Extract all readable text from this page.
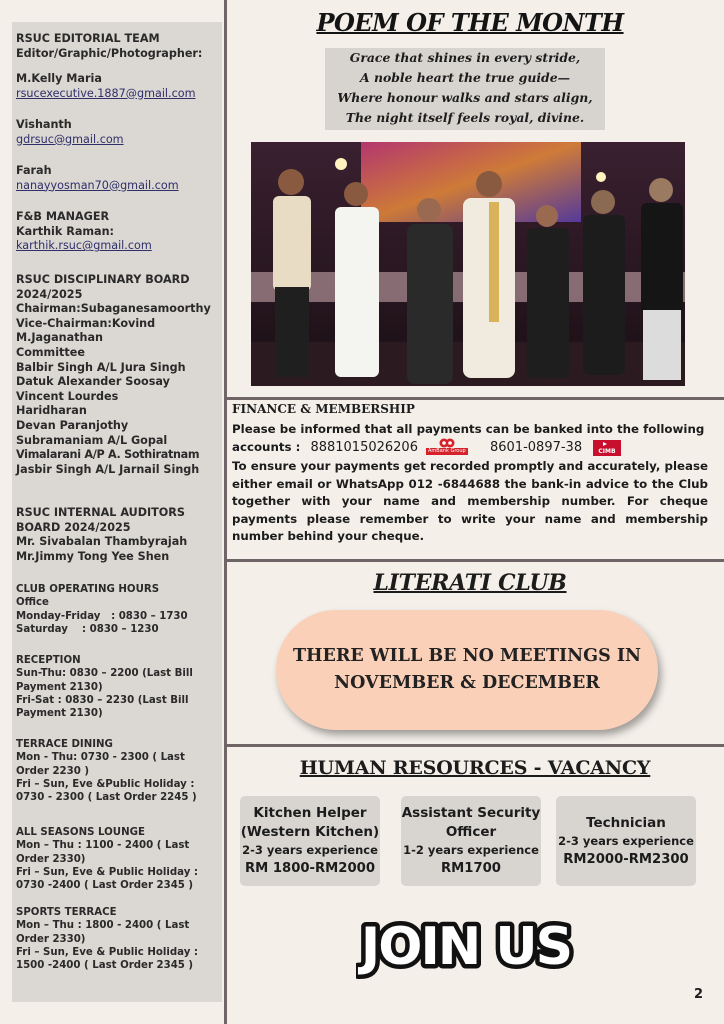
RSUC EDITORIAL TEAM
Editor/Graphic/Photographer:
M.Kelly Maria
rsucexecutive.1887@gmail.com
Vishanth
gdrsuc@gmail.com
Farah
nanayyosman70@gmail.com
F&B MANAGER
Karthik Raman:
karthik.rsuc@gmail.com
RSUC DISCIPLINARY BOARD
2024/2025
Chairman:Subaganesamoorthy
Vice-Chairman:Kovind
M.Jaganathan
Committee
Balbir Singh A/L Jura Singh
Datuk Alexander Soosay
Vincent Lourdes
Haridharan
Devan Paranjothy
Subramaniam A/L Gopal
Vimalarani A/P A. Sothiratnam
Jasbir Singh A/L Jarnail Singh
RSUC INTERNAL AUDITORS
BOARD 2024/2025
Mr. Sivabalan Thambyrajah
Mr.Jimmy Tong Yee Shen
CLUB OPERATING HOURS
Office
Monday-Friday   : 0830 – 1730
Saturday    : 0830 – 1230
RECEPTION
Sun-Thu: 0830 – 2200 (Last Bill Payment 2130)
Fri-Sat : 0830 – 2230 (Last Bill Payment 2130)
TERRACE DINING
Mon - Thu: 0730 - 2300 ( Last Order 2230 )
Fri – Sun, Eve &Public Holiday : 0730 - 2300 ( Last Order 2245 )
ALL SEASONS LOUNGE
Mon – Thu : 1100 - 2400 ( Last Order 2330)
Fri – Sun, Eve & Public Holiday : 0730 -2400 ( Last Order 2345 )
SPORTS TERRACE
Mon – Thu : 1800 - 2400 ( Last Order 2330)
Fri – Sun, Eve & Public Holiday : 1500 -2400 ( Last Order 2345 )
POEM OF THE MONTH
Grace that shines in every stride,
A noble heart the true guide—
Where honour walks and stars align,
The night itself feels royal, divine.
FINANCE & MEMBERSHIP
Please be informed that all payments can be banked into the following
accounts : 8881015026206	8601-0897-38
AmBank Group	CIMB
To ensure your payments get recorded promptly and accurately, please either email or WhatsApp 012 -6844688 the bank-in advice to the Club together with your name and membership number. For cheque payments please remember to write your name and membership number behind your cheque.
LITERATI CLUB
THERE WILL BE NO MEETINGS IN
NOVEMBER & DECEMBER
HUMAN RESOURCES - VACANCY
Kitchen Helper
(Western Kitchen)
2-3 years experience
RM 1800-RM2000
Assistant Security
Officer
1-2 years experience
RM1700
Technician
2-3 years experience
RM2000-RM2300
JOIN US
2
